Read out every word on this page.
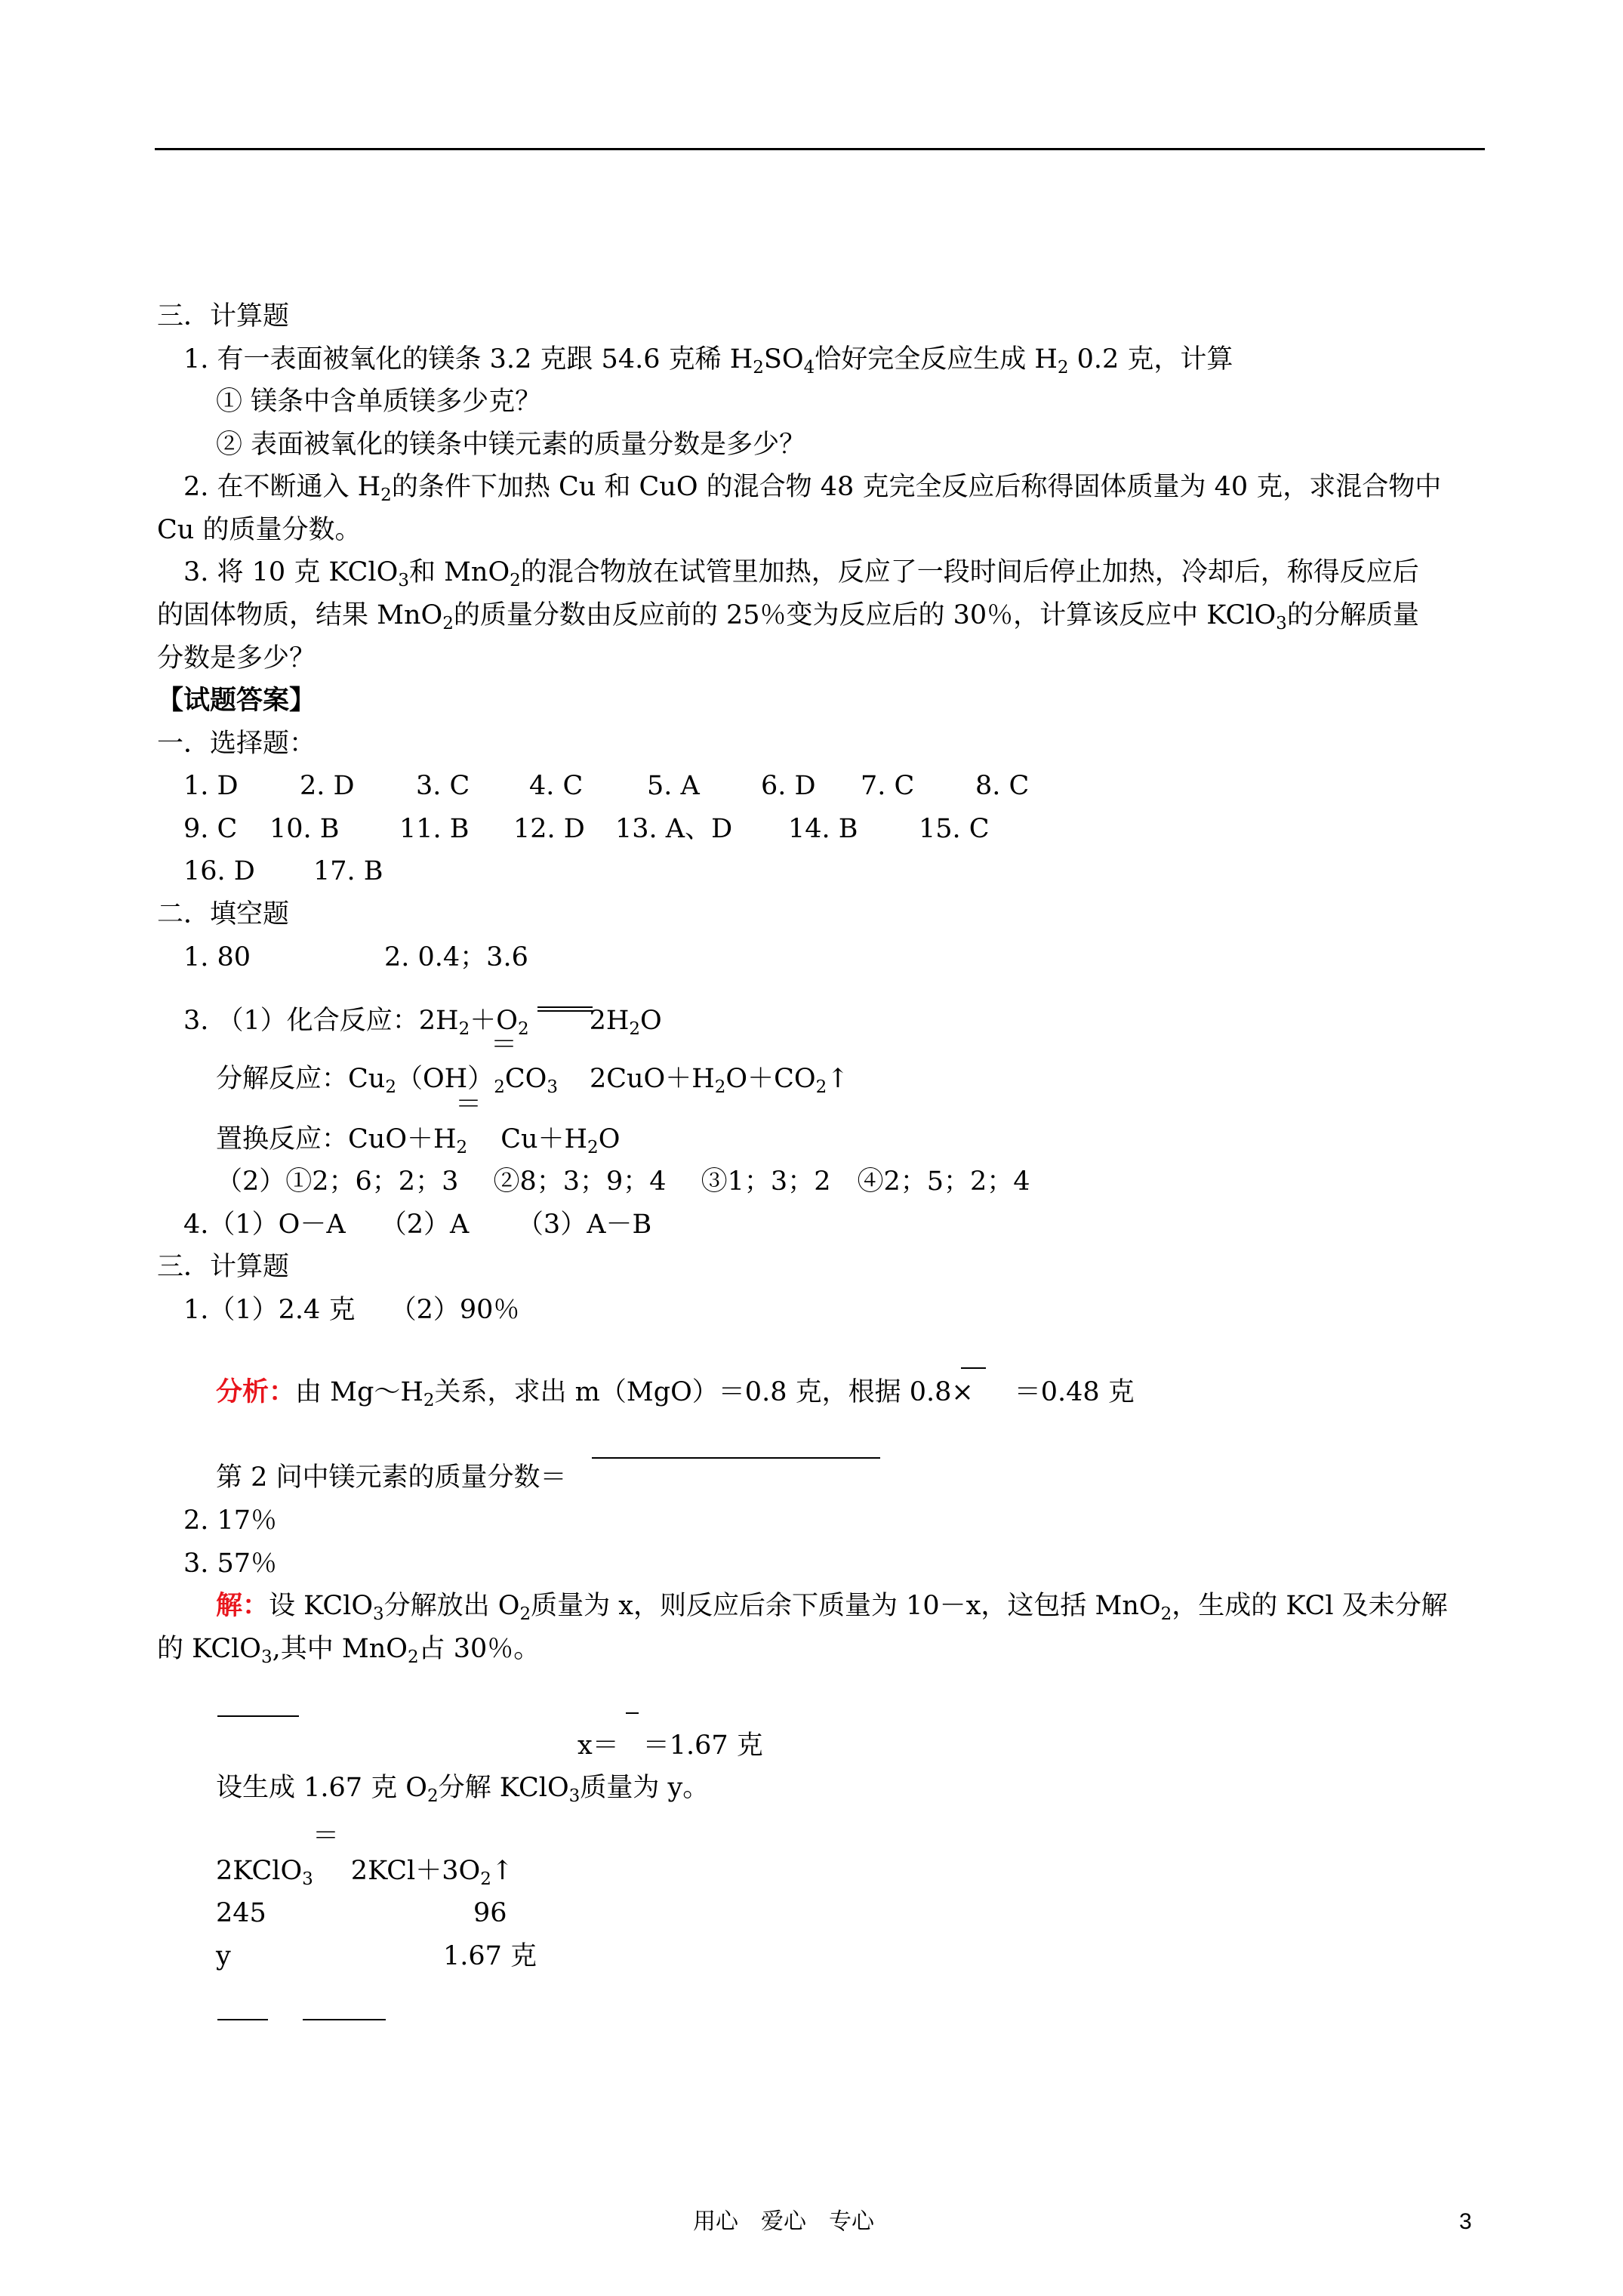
三．计算题
1. 有一表面被氧化的镁条 3.2 克跟 54.6 克稀 $H_2SO_4$恰好完全反应生成 $H_2$ 0.2 克，计算
① 镁条中含单质镁多少克？
② 表面被氧化的镁条中镁元素的质量分数是多少？
2. 在不断通入 $H_2$的条件下加热 Cu 和 CuO 的混合物 48 克完全反应后称得固体质量为 40 克，求混合物中
Cu 的质量分数。
3. 将 10 克 KClO$_3$和 MnO$_2$的混合物放在试管里加热，反应了一段时间后停止加热，冷却后，称得反应后
的固体物质，结果 MnO$_2$的质量分数由反应前的 25％变为反应后的 30％，计算该反应中 KClO$_3$的分解质量
分数是多少？
【试题答案】
一．选择题：
1. D 2. D 3. C 4. C 5. A 6. D 7. C 8. C
9. C 10. B 11. B 12. D 13. A、D 14. B 15. C
16. D 17. B
二．填空题
1. 80	2. 0.4；3.6
3. （1）化合反应：$2H_2+O_2$ $2H_2O$
＝
分解反应：$Cu_2(OH)_2CO_3$ $2CuO+H_2O+CO_2↑$
＝
置换反应：$CuO+H_2$ $Cu+H_2O$
（2）①2；6；2；3　 ②8；3；9；4　 ③1；3；2　④2；5；2；4
4.（1）O－A　 （2）A　 　（3）A－B
三．计算题
1.（1）2.4 克　 （2）90％
分析：由 $Mg\sim H_2$关系，求出 m（MgO）＝0.8 克，根据 0.8× ＝0.48 克
第 2 问中镁元素的质量分数＝
2. 17％
3. 57％
解：设 KClO$_3$分解放出 $O_2$质量为 x，则反应后余下质量为 10－x，这包括 MnO$_2$，生成的 KCl 及未分解
的 KClO$_3$,其中 MnO$_2$占 30％。
x＝ ＝1.67 克
设生成 1.67 克 $O_2$分解 KClO$_3$质量为 y。
＝
2KClO$_3$ $2KCl+3O_2↑$
245	96
y	1.67 克
用心　爱心　专心	3
